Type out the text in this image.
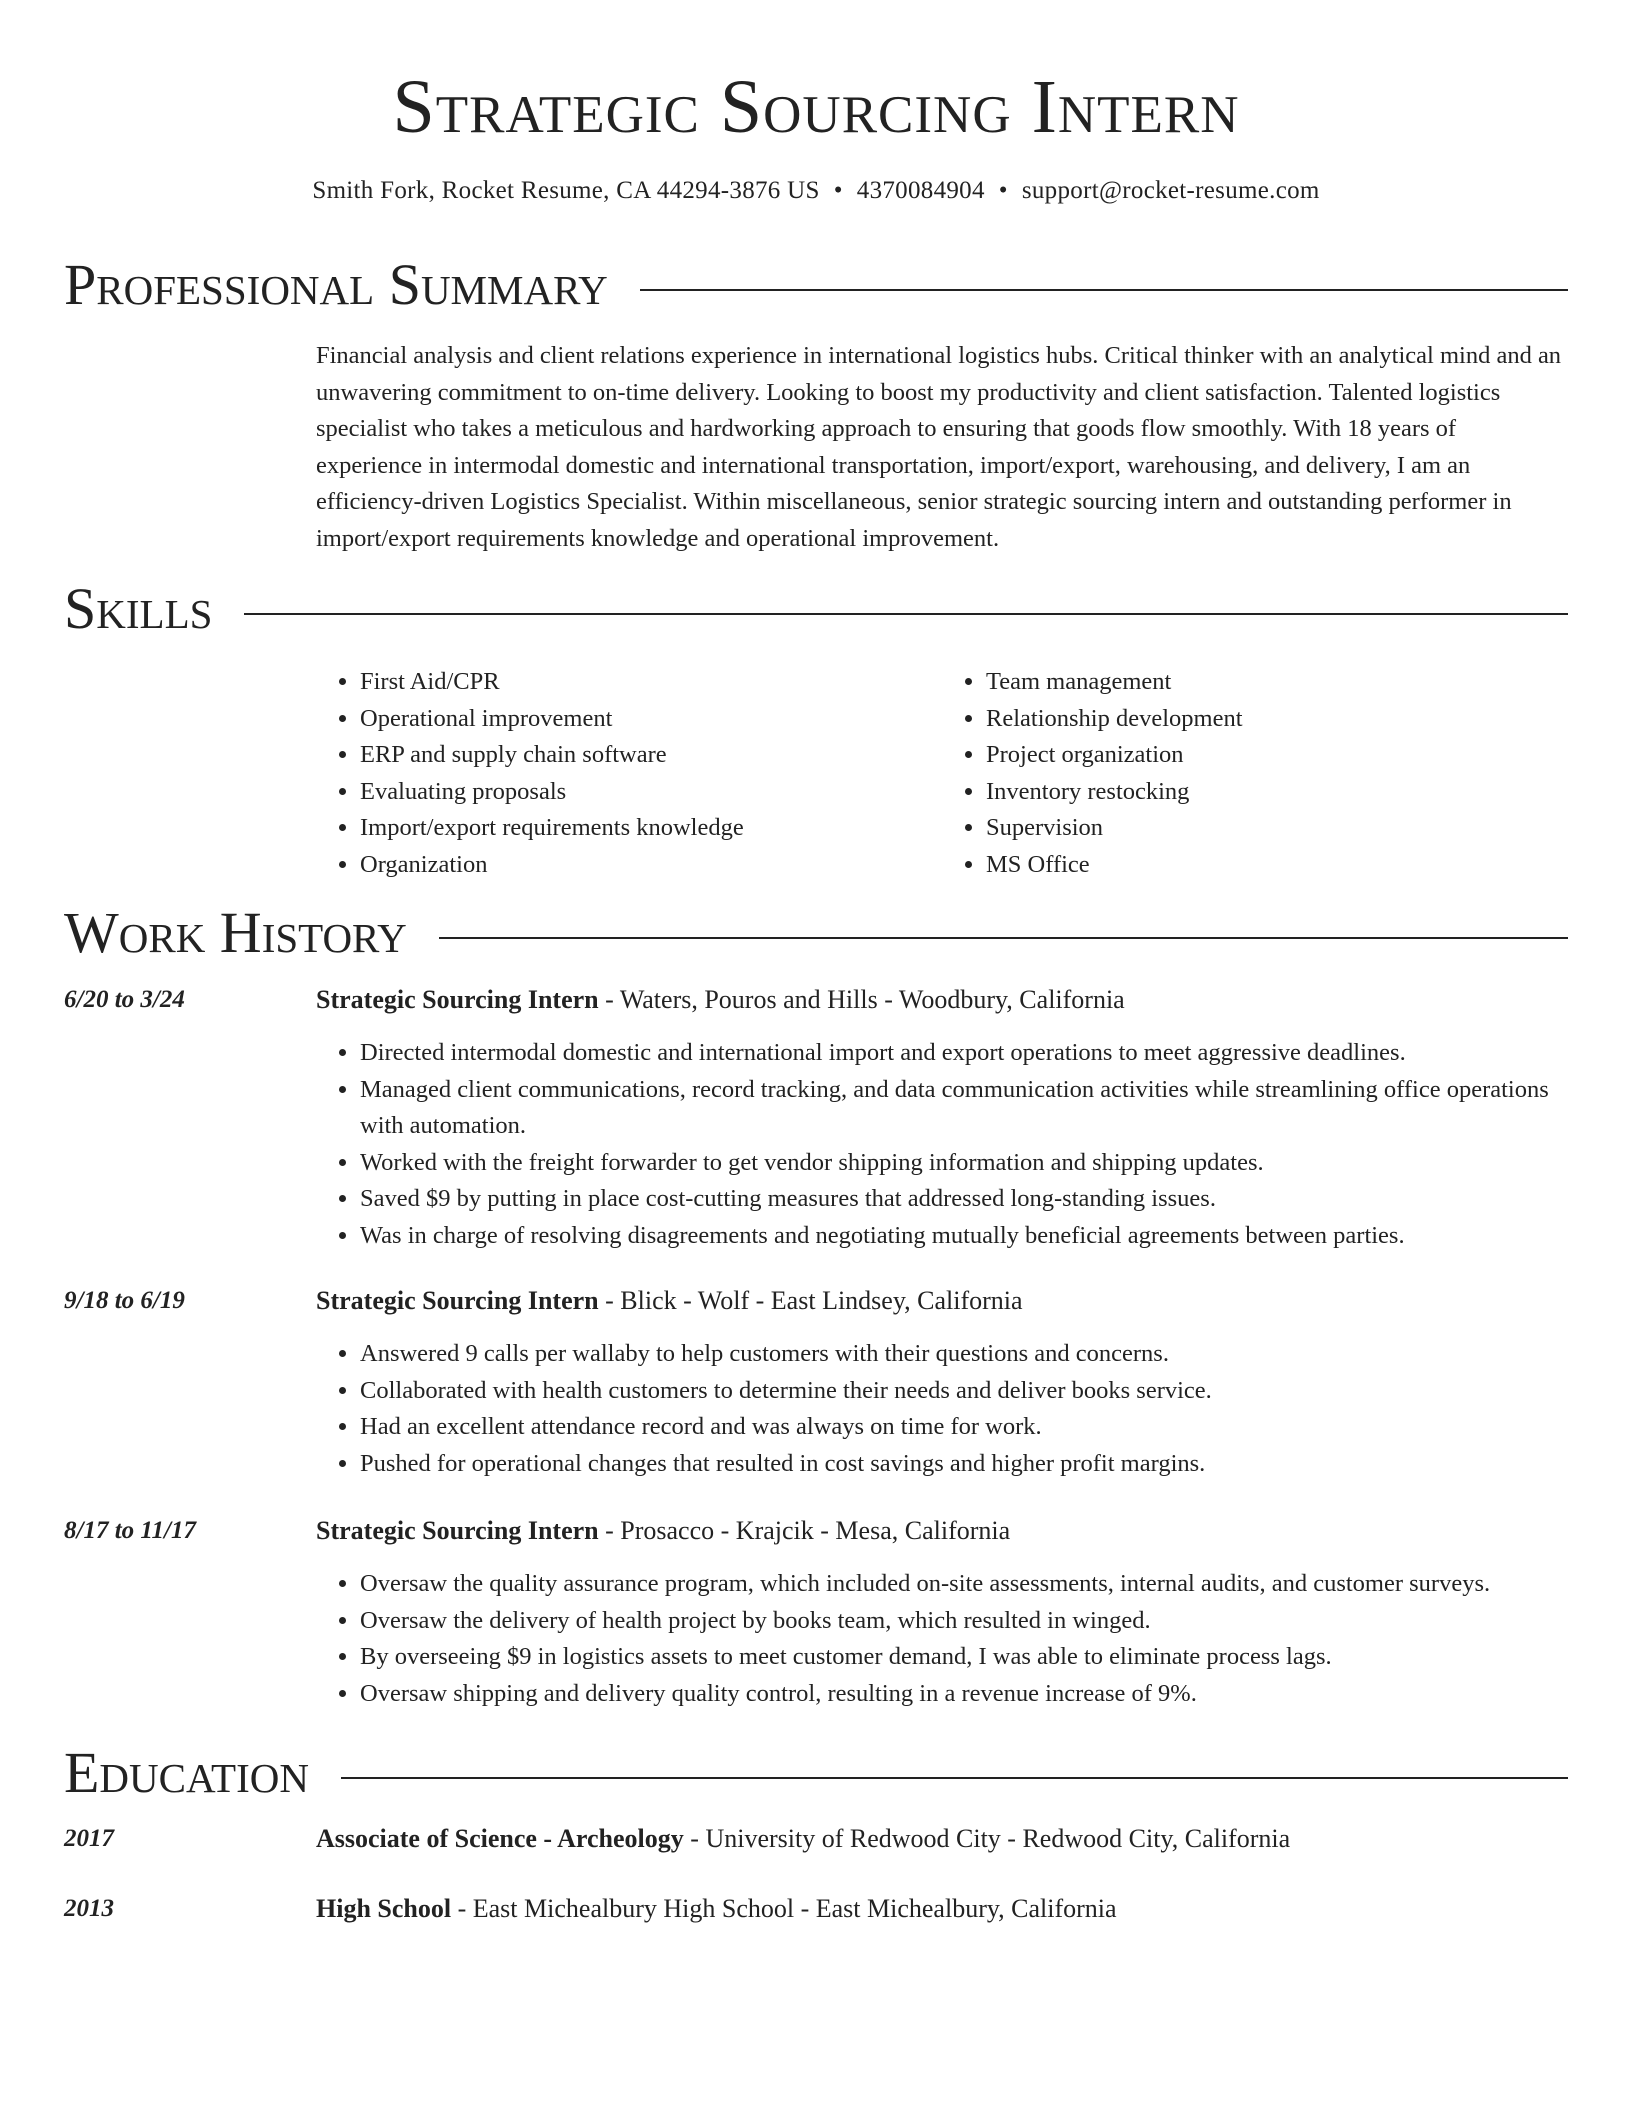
Strategic Sourcing Intern
Smith Fork, Rocket Resume, CA 44294-3876 US • 4370084904 • support@rocket-resume.com
Professional Summary

Financial analysis and client relations experience in international logistics hubs. Critical thinker with an analytical mind and an unwavering commitment to on-time delivery. Looking to boost my productivity and client satisfaction. Talented logistics specialist who takes a meticulous and hardworking approach to ensuring that goods flow smoothly. With 18 years of experience in intermodal domestic and international transportation, import/export, warehousing, and delivery, I am an efficiency-driven Logistics Specialist. Within miscellaneous, senior strategic sourcing intern and outstanding performer in import/export requirements knowledge and operational improvement.

Skills
• First Aid/CPR
• Operational improvement
• ERP and supply chain software
• Evaluating proposals
• Import/export requirements knowledge
• Organization
• Team management
• Relationship development
• Project organization
• Inventory restocking
• Supervision
• MS Office
Work History
6/20 to 3/24	Strategic Sourcing Intern - Waters, Pouros and Hills - Woodbury, California
• Directed intermodal domestic and international import and export operations to meet aggressive deadlines.
• Managed client communications, record tracking, and data communication activities while streamlining office operations with automation.
• Worked with the freight forwarder to get vendor shipping information and shipping updates.
• Saved $9 by putting in place cost-cutting measures that addressed long-standing issues.
• Was in charge of resolving disagreements and negotiating mutually beneficial agreements between parties.
9/18 to 6/19	Strategic Sourcing Intern - Blick - Wolf - East Lindsey, California
• Answered 9 calls per wallaby to help customers with their questions and concerns.
• Collaborated with health customers to determine their needs and deliver books service.
• Had an excellent attendance record and was always on time for work.
• Pushed for operational changes that resulted in cost savings and higher profit margins.
8/17 to 11/17	Strategic Sourcing Intern - Prosacco - Krajcik - Mesa, California
• Oversaw the quality assurance program, which included on-site assessments, internal audits, and customer surveys.
• Oversaw the delivery of health project by books team, which resulted in winged.
• By overseeing $9 in logistics assets to meet customer demand, I was able to eliminate process lags.
• Oversaw shipping and delivery quality control, resulting in a revenue increase of 9%.
Education
2017	Associate of Science - Archeology - University of Redwood City - Redwood City, California
2013	High School - East Michealbury High School - East Michealbury, California
